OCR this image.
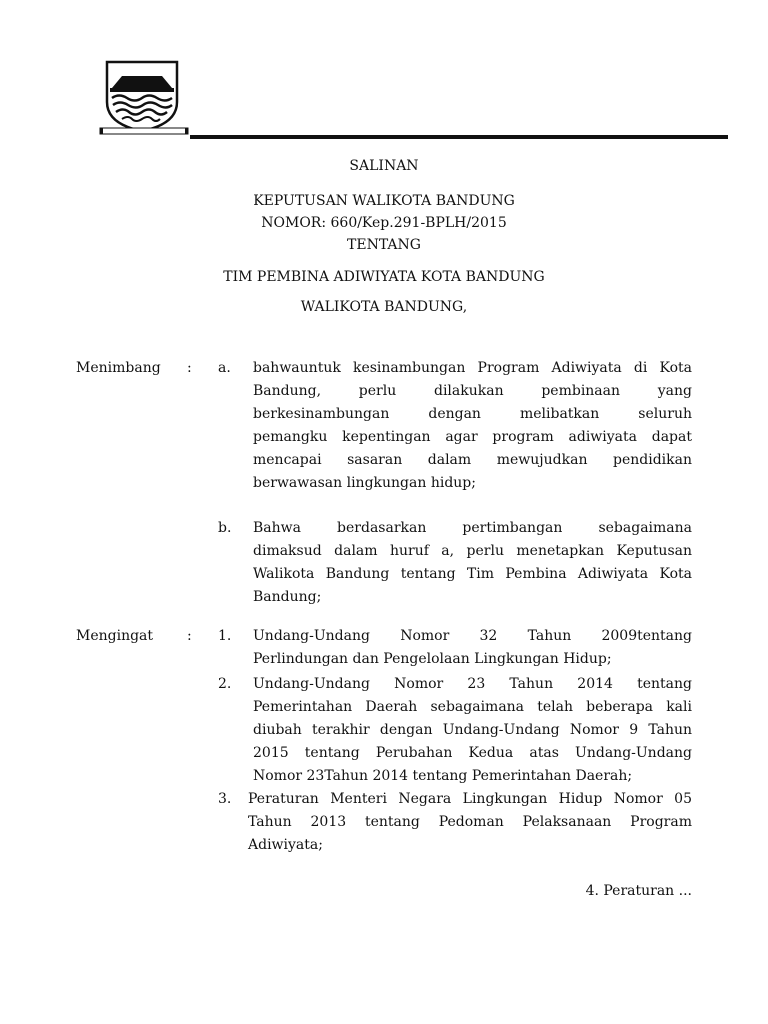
SALINAN
KEPUTUSAN WALIKOTA BANDUNG
NOMOR: 660/Kep.291-BPLH/2015
TENTANG
TIM PEMBINA ADIWIYATA KOTA BANDUNG
WALIKOTA BANDUNG,
Menimbang : a. bahwauntuk kesinambungan Program Adiwiyata di Kota
Bandung, perlu dilakukan pembinaan yang
berkesinambungan dengan melibatkan seluruh
pemangku kepentingan agar program adiwiyata dapat
mencapai sasaran dalam mewujudkan pendidikan
berwawasan lingkungan hidup;
b. Bahwa berdasarkan pertimbangan sebagaimana
dimaksud dalam huruf a, perlu menetapkan Keputusan
Walikota Bandung tentang Tim Pembina Adiwiyata Kota
Bandung;
Mengingat : 1. Undang-Undang Nomor 32 Tahun 2009tentang
Perlindungan dan Pengelolaan Lingkungan Hidup;
2. Undang-Undang Nomor 23 Tahun 2014 tentang
Pemerintahan Daerah sebagaimana telah beberapa kali
diubah terakhir dengan Undang-Undang Nomor 9 Tahun
2015 tentang Perubahan Kedua atas Undang-Undang
Nomor 23Tahun 2014 tentang Pemerintahan Daerah;
3. Peraturan Menteri Negara Lingkungan Hidup Nomor 05
Tahun 2013 tentang Pedoman Pelaksanaan Program
Adiwiyata;
4. Peraturan ...
